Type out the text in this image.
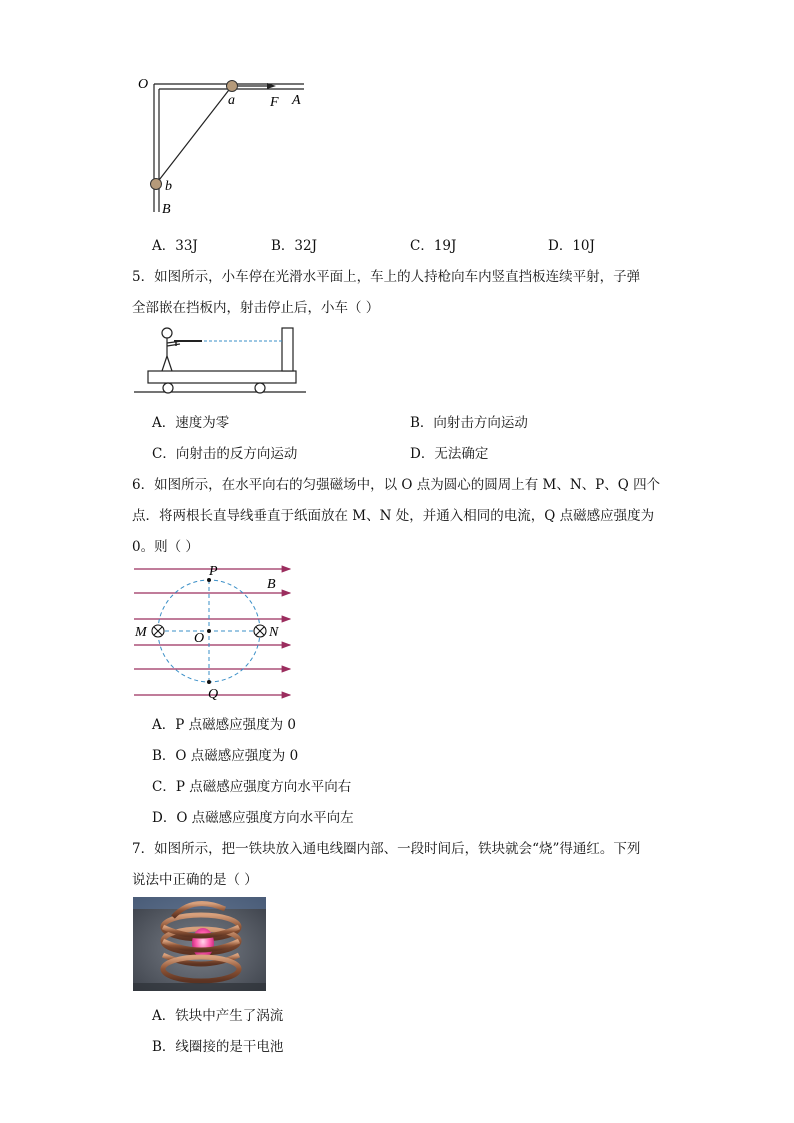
O
a	F A
b
B
A．33J	B．32J	C．19J	D．10J
5．如图所示，小车停在光滑水平面上，车上的人持枪向车内竖直挡板连续平射，子弹
全部嵌在挡板内，射击停止后，小车（ ）
A．速度为零	B．向射击方向运动
C．向射击的反方向运动	D．无法确定
6．如图所示，在水平向右的匀强磁场中，以 O 点为圆心的圆周上有 M、N、P、Q 四个
点．将两根长直导线垂直于纸面放在 M、N 处，并通入相同的电流，Q 点磁感应强度为
0。则（ ）
P
B
M	O	N
Q
A．P 点磁感应强度为 0
B．O 点磁感应强度为 0
C．P 点磁感应强度方向水平向右
D．O 点磁感应强度方向水平向左
7．如图所示，把一铁块放入通电线圈内部、一段时间后，铁块就会“烧”得通红。下列
说法中正确的是（ ）
A．铁块中产生了涡流
B．线圈接的是干电池
